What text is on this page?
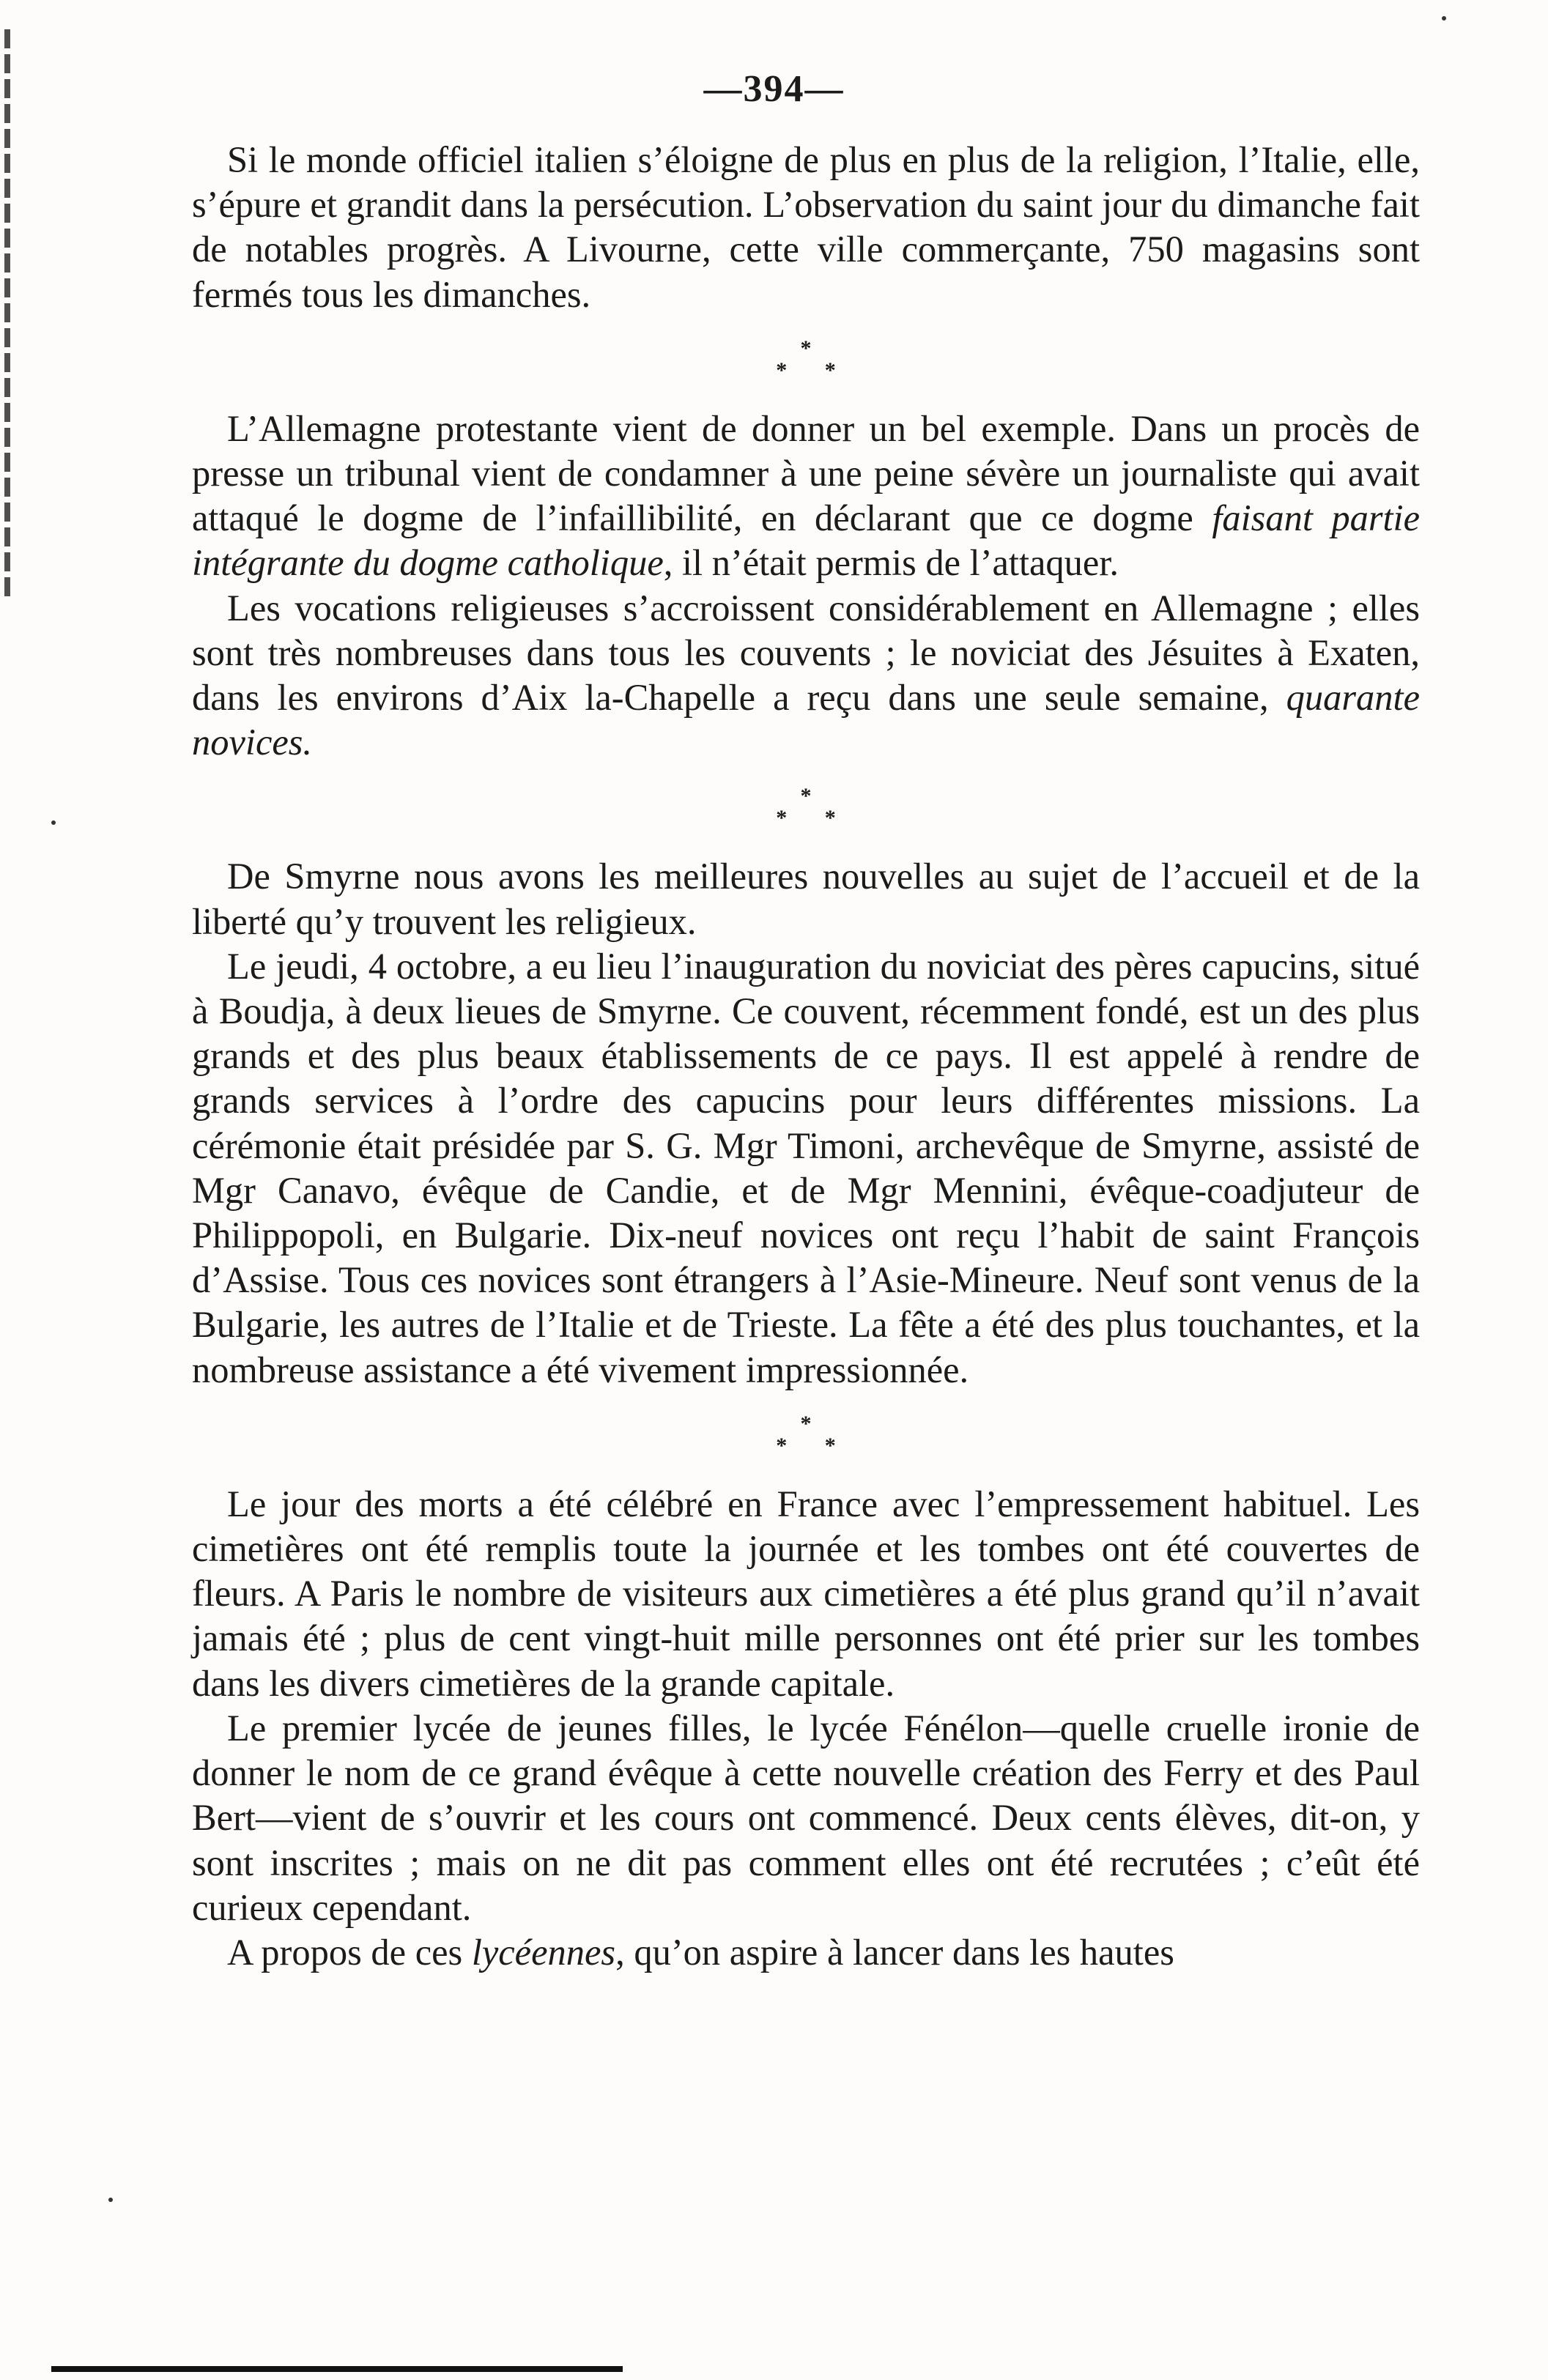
—394—

Si le monde officiel italien s’éloigne de plus en plus de la religion, l’Italie, elle, s’épure et grandit dans la persécution. L’observation du saint jour du dimanche fait de notables progrès. A Livourne, cette ville commerçante, 750 magasins sont fermés tous les dimanches.

*
* *

L’Allemagne protestante vient de donner un bel exemple. Dans un procès de presse un tribunal vient de condamner à une peine sévère un journaliste qui avait attaqué le dogme de l’infaillibilité, en déclarant que ce dogme faisant partie intégrante du dogme catholique, il n’était permis de l’attaquer.

Les vocations religieuses s’accroissent considérablement en Allemagne ; elles sont très nombreuses dans tous les couvents ; le noviciat des Jésuites à Exaten, dans les environs d’Aix la-Chapelle a reçu dans une seule semaine, quarante novices.

*
* *

De Smyrne nous avons les meilleures nouvelles au sujet de l’accueil et de la liberté qu’y trouvent les religieux.

Le jeudi, 4 octobre, a eu lieu l’inauguration du noviciat des pères capucins, situé à Boudja, à deux lieues de Smyrne. Ce couvent, récemment fondé, est un des plus grands et des plus beaux établissements de ce pays. Il est appelé à rendre de grands services à l’ordre des capucins pour leurs différentes missions. La cérémonie était présidée par S. G. Mgr Timoni, archevêque de Smyrne, assisté de Mgr Canavo, évêque de Candie, et de Mgr Mennini, évêque-coadjuteur de Philippopoli, en Bulgarie. Dix-neuf novices ont reçu l’habit de saint François d’Assise. Tous ces novices sont étrangers à l’Asie-Mineure. Neuf sont venus de la Bulgarie, les autres de l’Italie et de Trieste. La fête a été des plus touchantes, et la nombreuse assistance a été vivement impressionnée.

*
* *

Le jour des morts a été célébré en France avec l’empressement habituel. Les cimetières ont été remplis toute la journée et les tombes ont été couvertes de fleurs. A Paris le nombre de visiteurs aux cimetières a été plus grand qu’il n’avait jamais été ; plus de cent vingt-huit mille personnes ont été prier sur les tombes dans les divers cimetières de la grande capitale.

Le premier lycée de jeunes filles, le lycée Fénélon—quelle cruelle ironie de donner le nom de ce grand évêque à cette nouvelle création des Ferry et des Paul Bert—vient de s’ouvrir et les cours ont commencé. Deux cents élèves, dit-on, y sont inscrites ; mais on ne dit pas comment elles ont été recrutées ; c’eût été curieux cependant.

A propos de ces lycéennes, qu’on aspire à lancer dans les hautes
